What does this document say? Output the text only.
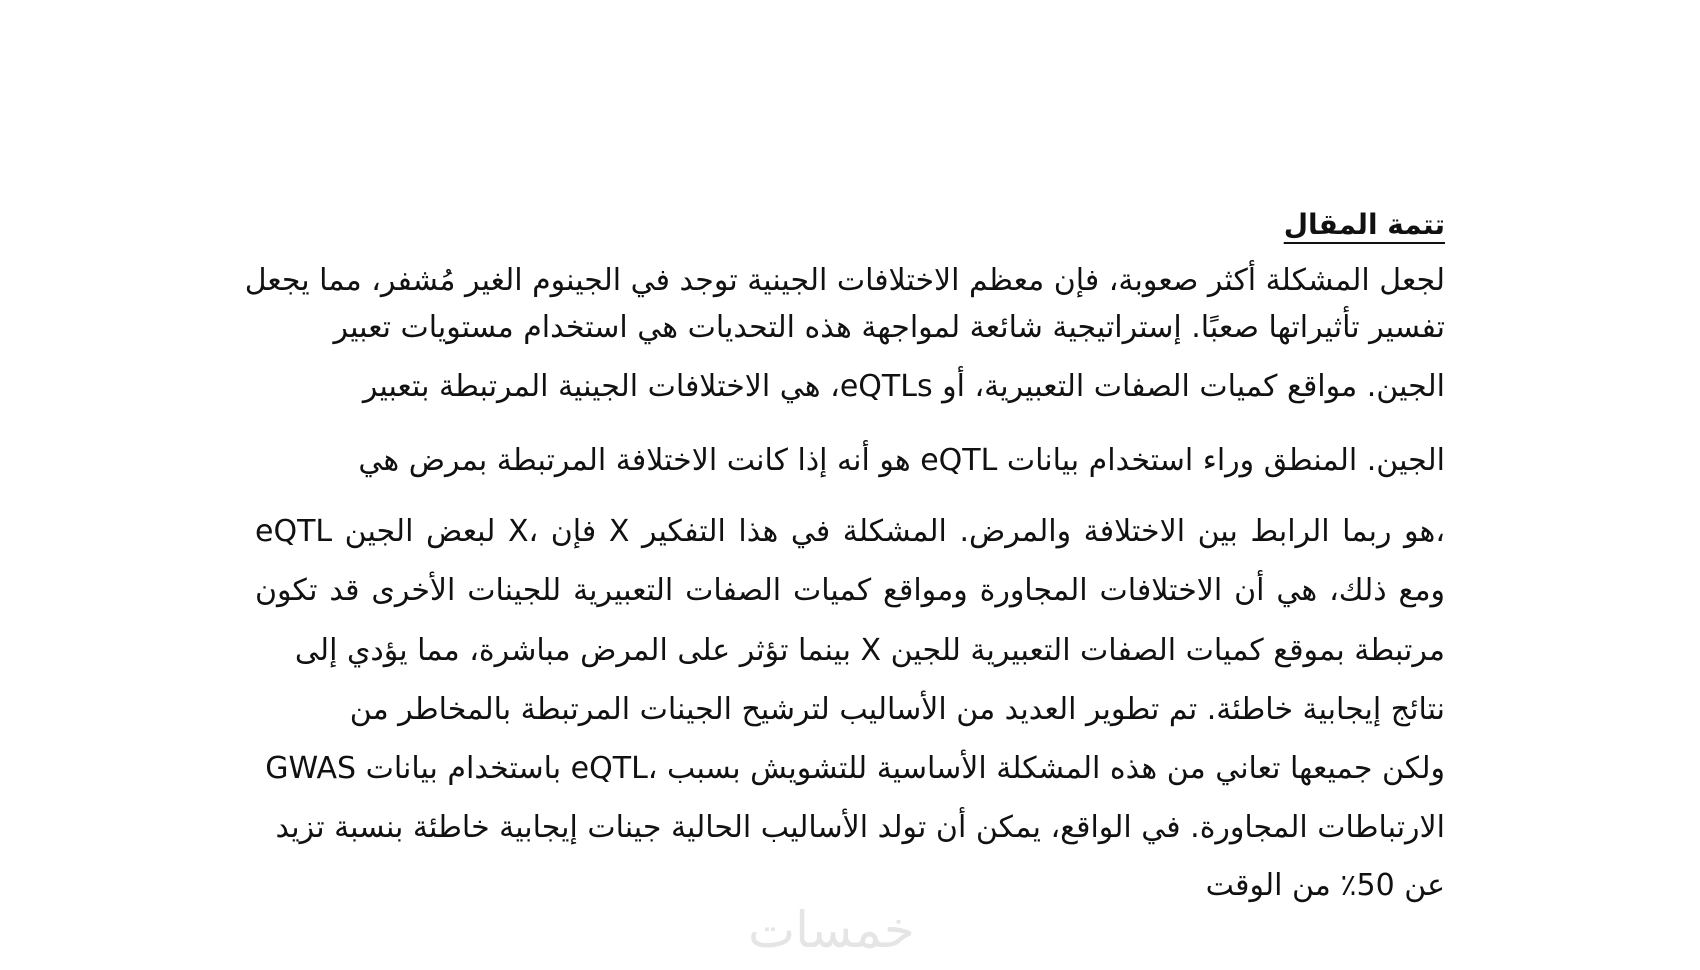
تتمة المقال
لجعل المشكلة أكثر صعوبة، فإن معظم الاختلافات الجينية توجد في الجينوم الغير مُشفر، مما يجعل
تفسير تأثيراتها صعبًا. إستراتيجية شائعة لمواجهة هذه التحديات هي استخدام مستويات تعبير
الجين. مواقع كميات الصفات التعبيرية، أو eQTLs، هي الاختلافات الجينية المرتبطة بتعبير
الجين. المنطق وراء استخدام بيانات eQTL هو أنه إذا كانت الاختلافة المرتبطة بمرض هي
eQTL لبعض الجين X، فإن X هو ربما الرابط بين الاختلافة والمرض. المشكلة في هذا التفكير،
ومع ذلك، هي أن الاختلافات المجاورة ومواقع كميات الصفات التعبيرية للجينات الأخرى قد تكون
مرتبطة بموقع كميات الصفات التعبيرية للجين X بينما تؤثر على المرض مباشرة، مما يؤدي إلى
نتائج إيجابية خاطئة. تم تطوير العديد من الأساليب لترشيح الجينات المرتبطة بالمخاطر من
GWAS باستخدام بيانات eQTL، ولكن جميعها تعاني من هذه المشكلة الأساسية للتشويش بسبب
الارتباطات المجاورة. في الواقع، يمكن أن تولد الأساليب الحالية جينات إيجابية خاطئة بنسبة تزيد
عن 50٪ من الوقت
خمسات
